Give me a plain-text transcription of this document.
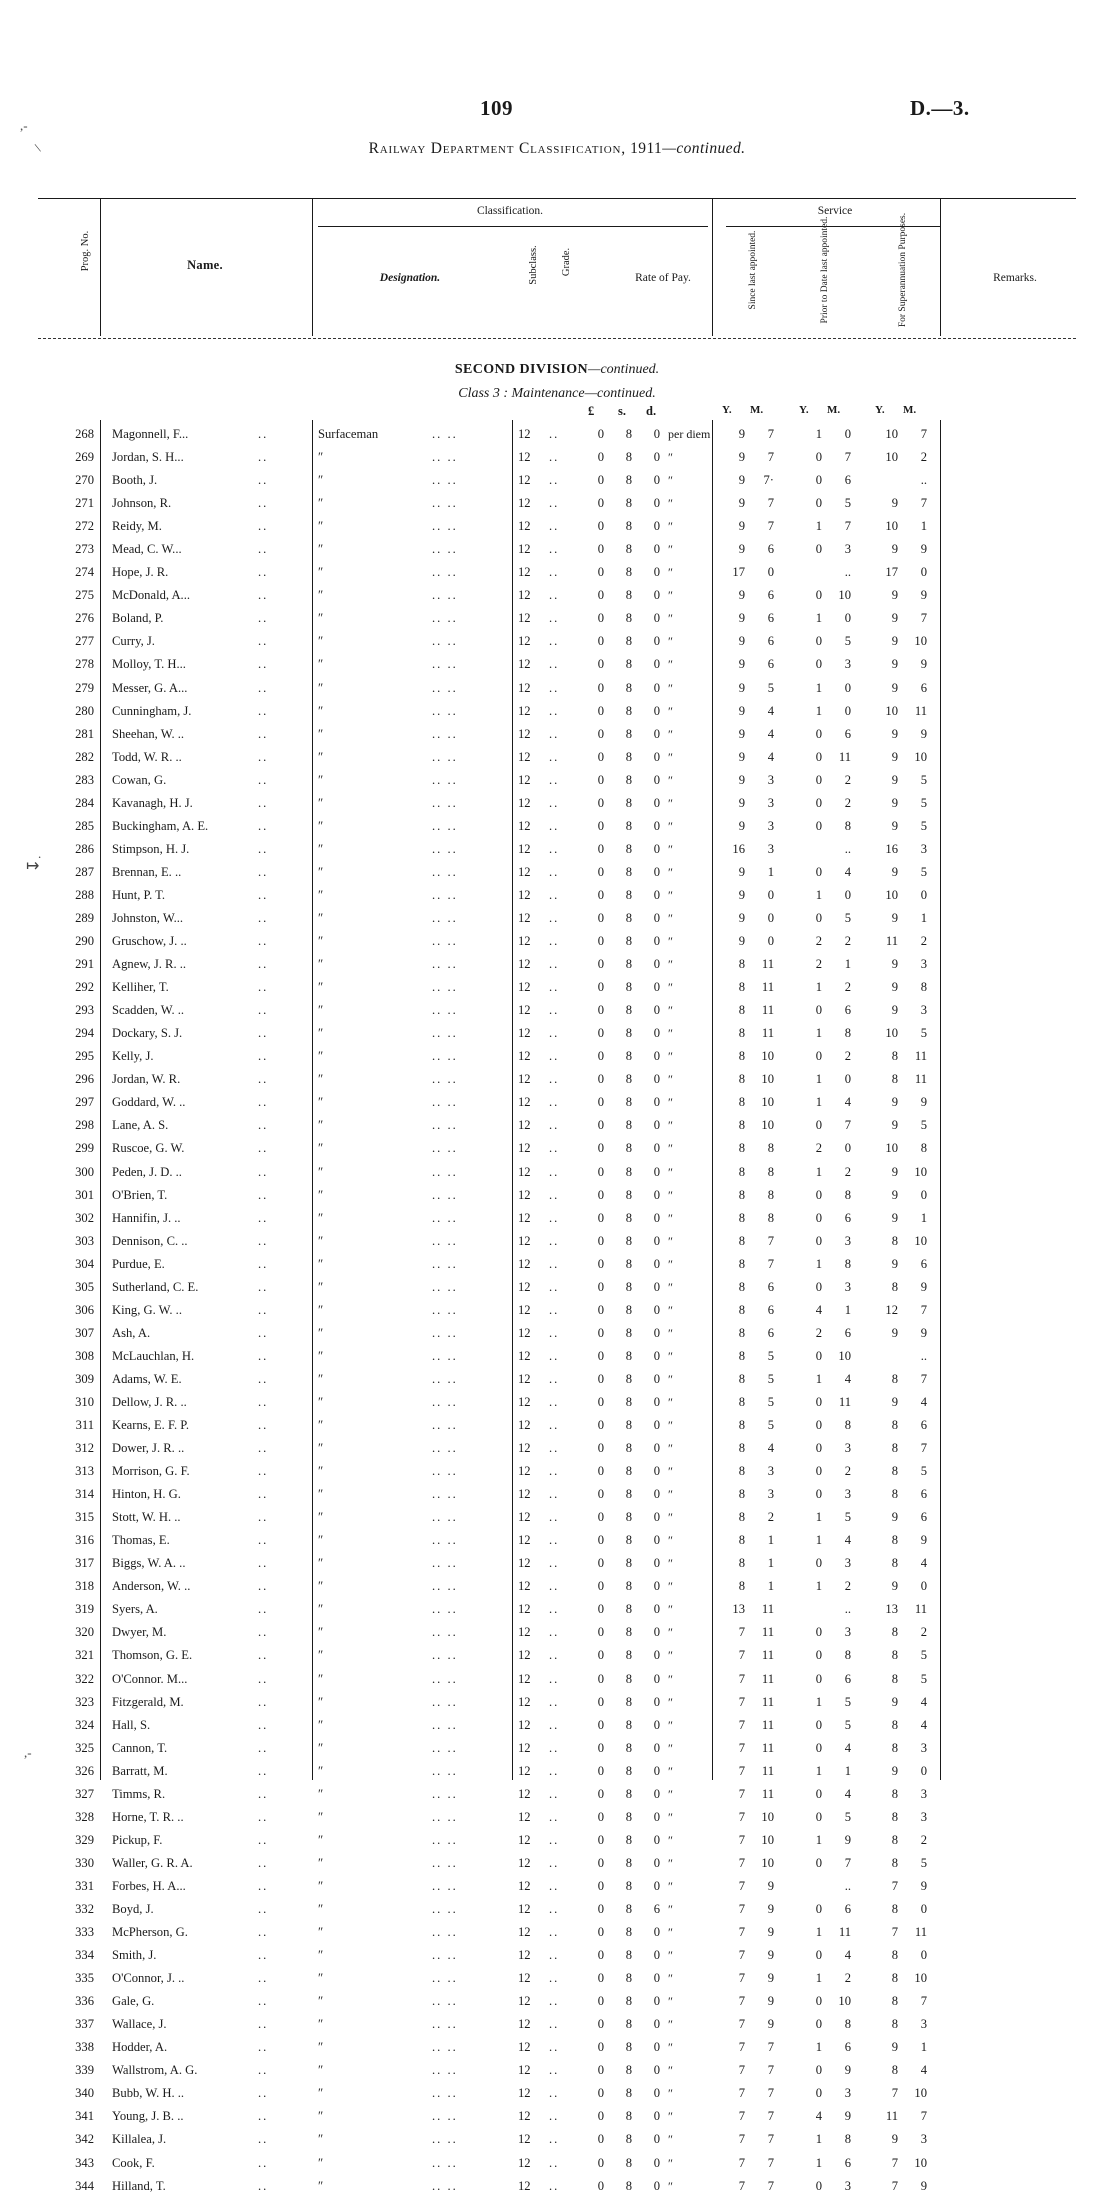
,-
\
.
↦
,-
109	D.—3.
Railway Department Classification, 1911—continued.
Classification.	Service
Prog. No.	Name.
Designation.	Subclass. Grade.
Rate of Pay.	Since last appointed.	Prior to Date last appointed.	For Superannuation Purposes.	Remarks.
SECOND DIVISION—continued.
Class 3 : Maintenance—continued.
£ s. d.	Y. M.	Y. M.	Y. M.
268 Magonnell, F...	..	Surfaceman	.. ..	12	..	0	8	0 per diem	9	7	1	0	10	7
269 Jordan, S. H...	..	″	.. ..	12	..	0	8	0 ″	9	7	0	7	10	2
270 Booth, J.	..	″	.. ..	12	..	0	8	0 ″	9	7·	0	6	..
271 Johnson, R.	..	″	.. ..	12	..	0	8	0 ″	9	7	0	5	9	7
272 Reidy, M.	..	″	.. ..	12	..	0	8	0 ″	9	7	1	7	10	1
273 Mead, C. W...	..	″	.. ..	12	..	0	8	0 ″	9	6	0	3	9	9
274 Hope, J. R.	..	″	.. ..	12	..	0	8	0 ″	17	0	..	17	0
275 McDonald, A...	..	″	.. ..	12	..	0	8	0 ″	9	6	0	10	9	9
276 Boland, P.	..	″	.. ..	12	..	0	8	0 ″	9	6	1	0	9	7
277 Curry, J.	..	″	.. ..	12	..	0	8	0 ″	9	6	0	5	9	10
278 Molloy, T. H...	..	″	.. ..	12	..	0	8	0 ″	9	6	0	3	9	9
279 Messer, G. A...	..	″	.. ..	12	..	0	8	0 ″	9	5	1	0	9	6
280 Cunningham, J.	..	″	.. ..	12	..	0	8	0 ″	9	4	1	0	10	11
281 Sheehan, W. ..	..	″	.. ..	12	..	0	8	0 ″	9	4	0	6	9	9
282 Todd, W. R. ..	..	″	.. ..	12	..	0	8	0 ″	9	4	0	11	9	10
283 Cowan, G.	..	″	.. ..	12	..	0	8	0 ″	9	3	0	2	9	5
284 Kavanagh, H. J.	..	″	.. ..	12	..	0	8	0 ″	9	3	0	2	9	5
285 Buckingham, A. E.	..	″	.. ..	12	..	0	8	0 ″	9	3	0	8	9	5
286 Stimpson, H. J.	..	″	.. ..	12	..	0	8	0 ″	16	3	..	16	3
287 Brennan, E. ..	..	″	.. ..	12	..	0	8	0 ″	9	1	0	4	9	5
288 Hunt, P. T.	..	″	.. ..	12	..	0	8	0 ″	9	0	1	0	10	0
289 Johnston, W...	..	″	.. ..	12	..	0	8	0 ″	9	0	0	5	9	1
290 Gruschow, J. ..	..	″	.. ..	12	..	0	8	0 ″	9	0	2	2	11	2
291 Agnew, J. R. ..	..	″	.. ..	12	..	0	8	0 ″	8	11	2	1	9	3
292 Kelliher, T.	..	″	.. ..	12	..	0	8	0 ″	8	11	1	2	9	8
293 Scadden, W. ..	..	″	.. ..	12	..	0	8	0 ″	8	11	0	6	9	3
294 Dockary, S. J.	..	″	.. ..	12	..	0	8	0 ″	8	11	1	8	10	5
295 Kelly, J.	..	″	.. ..	12	..	0	8	0 ″	8	10	0	2	8	11
296 Jordan, W. R.	..	″	.. ..	12	..	0	8	0 ″	8	10	1	0	8	11
297 Goddard, W. ..	..	″	.. ..	12	..	0	8	0 ″	8	10	1	4	9	9
298 Lane, A. S.	..	″	.. ..	12	..	0	8	0 ″	8	10	0	7	9	5
299 Ruscoe, G. W.	..	″	.. ..	12	..	0	8	0 ″	8	8	2	0	10	8
300 Peden, J. D. ..	..	″	.. ..	12	..	0	8	0 ″	8	8	1	2	9	10
301 O'Brien, T.	..	″	.. ..	12	..	0	8	0 ″	8	8	0	8	9	0
302 Hannifin, J. ..	..	″	.. ..	12	..	0	8	0 ″	8	8	0	6	9	1
303 Dennison, C. ..	..	″	.. ..	12	..	0	8	0 ″	8	7	0	3	8	10
304 Purdue, E.	..	″	.. ..	12	..	0	8	0 ″	8	7	1	8	9	6
305 Sutherland, C. E.	..	″	.. ..	12	..	0	8	0 ″	8	6	0	3	8	9
306 King, G. W. ..	..	″	.. ..	12	..	0	8	0 ″	8	6	4	1	12	7
307 Ash, A.	..	″	.. ..	12	..	0	8	0 ″	8	6	2	6	9	9
308 McLauchlan, H.	..	″	.. ..	12	..	0	8	0 ″	8	5	0	10	..
309 Adams, W. E.	..	″	.. ..	12	..	0	8	0 ″	8	5	1	4	8	7
310 Dellow, J. R. ..	..	″	.. ..	12	..	0	8	0 ″	8	5	0	11	9	4
311 Kearns, E. F. P.	..	″	.. ..	12	..	0	8	0 ″	8	5	0	8	8	6
312 Dower, J. R. ..	..	″	.. ..	12	..	0	8	0 ″	8	4	0	3	8	7
313 Morrison, G. F.	..	″	.. ..	12	..	0	8	0 ″	8	3	0	2	8	5
314 Hinton, H. G.	..	″	.. ..	12	..	0	8	0 ″	8	3	0	3	8	6
315 Stott, W. H. ..	..	″	.. ..	12	..	0	8	0 ″	8	2	1	5	9	6
316 Thomas, E.	..	″	.. ..	12	..	0	8	0 ″	8	1	1	4	8	9
317 Biggs, W. A. ..	..	″	.. ..	12	..	0	8	0 ″	8	1	0	3	8	4
318 Anderson, W. ..	..	″	.. ..	12	..	0	8	0 ″	8	1	1	2	9	0
319 Syers, A.	..	″	.. ..	12	..	0	8	0 ″	13	11	..	13	11
320 Dwyer, M.	..	″	.. ..	12	..	0	8	0 ″	7	11	0	3	8	2
321 Thomson, G. E.	..	″	.. ..	12	..	0	8	0 ″	7	11	0	8	8	5
322 O'Connor. M...	..	″	.. ..	12	..	0	8	0 ″	7	11	0	6	8	5
323 Fitzgerald, M.	..	″	.. ..	12	..	0	8	0 ″	7	11	1	5	9	4
324 Hall, S.	..	″	.. ..	12	..	0	8	0 ″	7	11	0	5	8	4
325 Cannon, T.	..	″	.. ..	12	..	0	8	0 ″	7	11	0	4	8	3
326 Barratt, M.	..	″	.. ..	12	..	0	8	0 ″	7	11	1	1	9	0
327 Timms, R.	..	″	.. ..	12	..	0	8	0 ″	7	11	0	4	8	3
328 Horne, T. R. ..	..	″	.. ..	12	..	0	8	0 ″	7	10	0	5	8	3
329 Pickup, F.	..	″	.. ..	12	..	0	8	0 ″	7	10	1	9	8	2
330 Waller, G. R. A.	..	″	.. ..	12	..	0	8	0 ″	7	10	0	7	8	5
331 Forbes, H. A...	..	″	.. ..	12	..	0	8	0 ″	7	9	..	7	9
332 Boyd, J.	..	″	.. ..	12	..	0	8	6 ″	7	9	0	6	8	0
333 McPherson, G.	..	″	.. ..	12	..	0	8	0 ″	7	9	1	11	7	11
334 Smith, J.	..	″	.. ..	12	..	0	8	0 ″	7	9	0	4	8	0
335 O'Connor, J. ..	..	″	.. ..	12	..	0	8	0 ″	7	9	1	2	8	10
336 Gale, G.	..	″	.. ..	12	..	0	8	0 ″	7	9	0	10	8	7
337 Wallace, J.	..	″	.. ..	12	..	0	8	0 ″	7	9	0	8	8	3
338 Hodder, A.	..	″	.. ..	12	..	0	8	0 ″	7	7	1	6	9	1
339 Wallstrom, A. G.	..	″	.. ..	12	..	0	8	0 ″	7	7	0	9	8	4
340 Bubb, W. H. ..	..	″	.. ..	12	..	0	8	0 ″	7	7	0	3	7	10
341 Young, J. B. ..	..	″	.. ..	12	..	0	8	0 ″	7	7	4	9	11	7
342 Killalea, J.	..	″	.. ..	12	..	0	8	0 ″	7	7	1	8	9	3
343 Cook, F.	..	″	.. ..	12	..	0	8	0 ″	7	7	1	6	7	10
344 Hilland, T.	..	″	.. ..	12	..	0	8	0 ″	7	7	0	3	7	9
